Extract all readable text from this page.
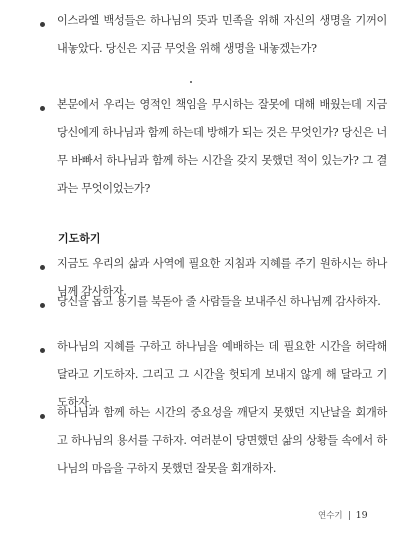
이스라엘 백성들은 하나님의 뜻과 민족을 위해 자신의 생명을 기꺼이 내놓았다. 당신은 지금 무엇을 위해 생명을 내놓겠는가?
본문에서 우리는 영적인 책임을 무시하는 잘못에 대해 배웠는데 지금 당신에게 하나님과 함께 하는데 방해가 되는 것은 무엇인가? 당신은 너무 바빠서 하나님과 함께 하는 시간을 갖지 못했던 적이 있는가? 그 결과는 무엇이었는가?
기도하기
지금도 우리의 삶과 사역에 필요한 지침과 지혜를 주기 원하시는 하나님께 감사하자.
당신을 돕고 용기를 북돋아 줄 사람들을 보내주신 하나님께 감사하자.
하나님의 지혜를 구하고 하나님을 예배하는 데 필요한 시간을 허락해 달라고 기도하자. 그리고 그 시간을 헛되게 보내지 않게 해 달라고 기도하자.
하나님과 함께 하는 시간의 중요성을 깨닫지 못했던 지난날을 회개하고 하나님의 용서를 구하자. 여러분이 당면했던 삶의 상황들 속에서 하나님의 마음을 구하지 못했던 잘못을 회개하자.
연수기 19
